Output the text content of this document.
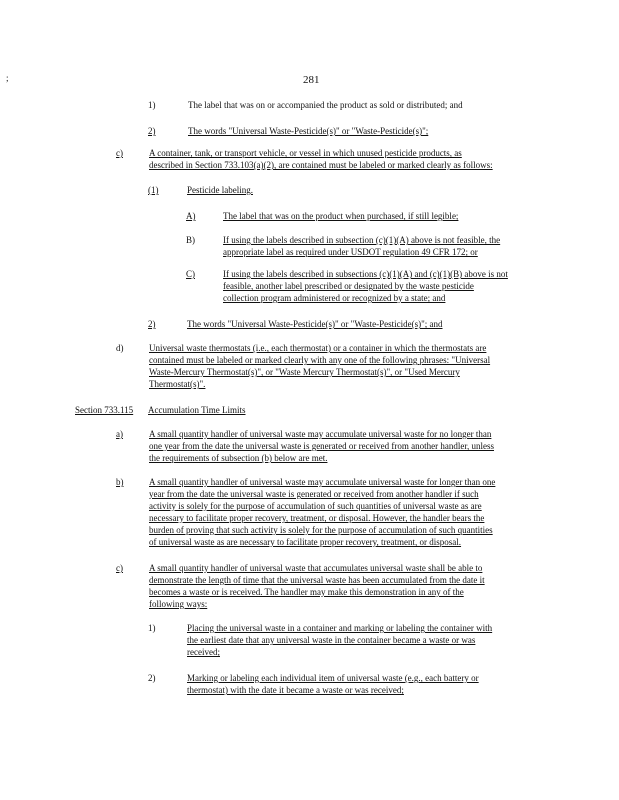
;	281
1)	The label that was on or accompanied the product as sold or distributed; and
2)	The words "Universal Waste-Pesticide(s)" or "Waste-Pesticide(s)";
c)	A container, tank, or transport vehicle, or vessel in which unused pesticide products, as
described in Section 733.103(a)(2), are contained must be labeled or marked clearly as follows:
(1)	Pesticide labeling.
A)	The label that was on the product when purchased, if still legible;
B)	If using the labels described in subsection (c)(1)(A) above is not feasible, the
appropriate label as required under USDOT regulation 49 CFR 172; or
C)	If using the labels described in subsections (c)(1)(A) and (c)(1)(B) above is not
feasible, another label prescribed or designated by the waste pesticide
collection program administered or recognized by a state; and
2)	The words "Universal Waste-Pesticide(s)" or "Waste-Pesticide(s)"; and
d)	Universal waste thermostats (i.e., each thermostat) or a container in which the thermostats are
contained must be labeled or marked clearly with any one of the following phrases: "Universal
Waste-Mercury Thermostat(s)", or "Waste Mercury Thermostat(s)", or "Used Mercury
Thermostat(s)".
Section 733.115 Accumulation Time Limits
a)	A small quantity handler of universal waste may accumulate universal waste for no longer than
one year from the date the universal waste is generated or received from another handler, unless
the requirements of subsection (b) below are met.
b)	A small quantity handler of universal waste may accumulate universal waste for longer than one
year from the date the universal waste is generated or received from another handler if such
activity is solely for the purpose of accumulation of such quantities of universal waste as are
necessary to facilitate proper recovery, treatment, or disposal. However, the handler bears the
burden of proving that such activity is solely for the purpose of accumulation of such quantities
of universal waste as are necessary to facilitate proper recovery, treatment, or disposal.
c)	A small quantity handler of universal waste that accumulates universal waste shall be able to
demonstrate the length of time that the universal waste has been accumulated from the date it
becomes a waste or is received. The handler may make this demonstration in any of the
following ways:
1)	Placing the universal waste in a container and marking or labeling the container with
the earliest date that any universal waste in the container became a waste or was
received;
2)	Marking or labeling each individual item of universal waste (e.g., each battery or
thermostat) with the date it became a waste or was received;
